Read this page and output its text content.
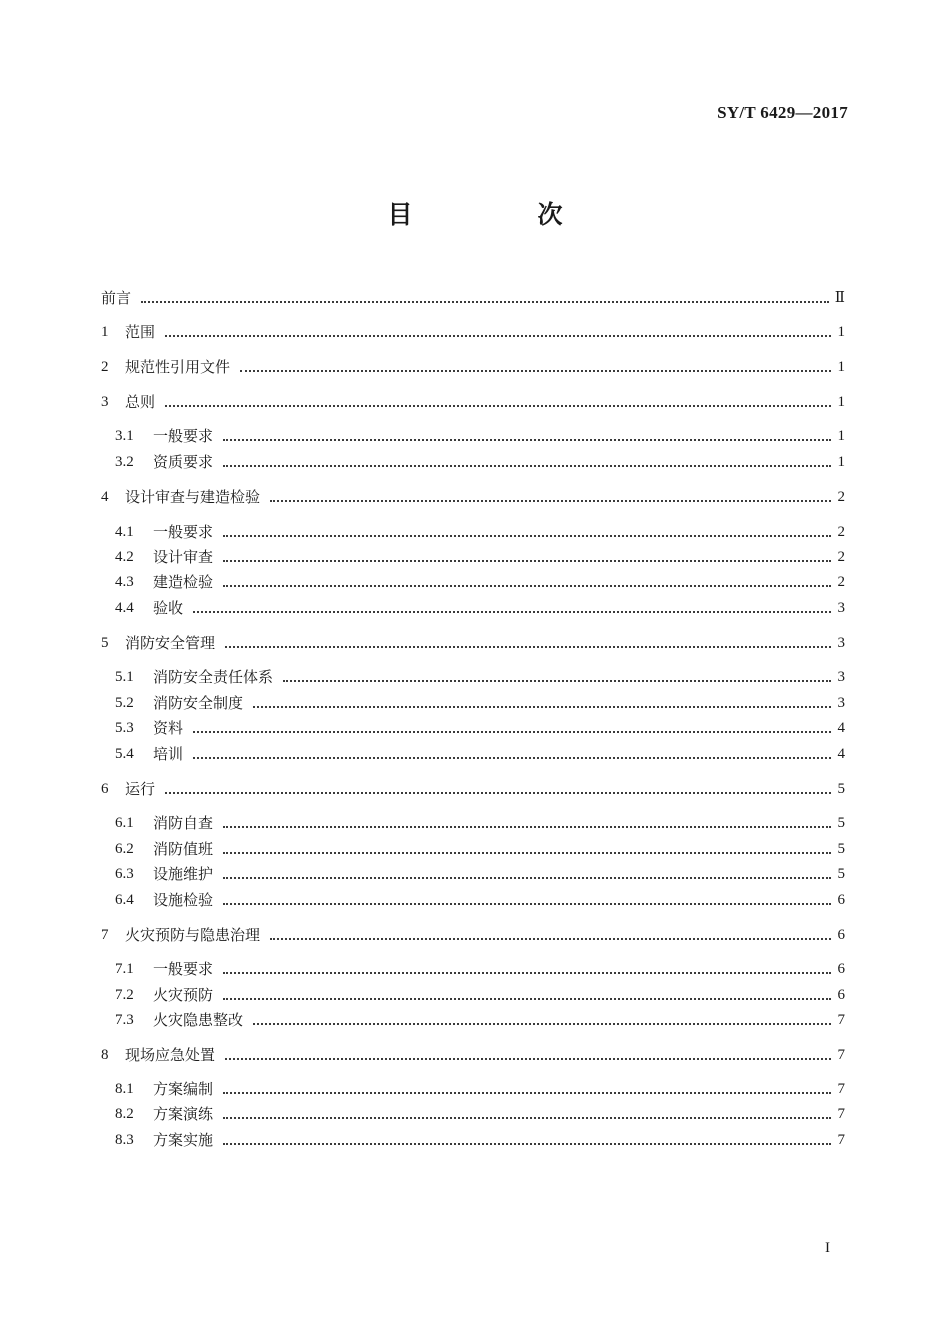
SY/T 6429—2017
目　次
前言	Ⅱ
1	范围	1
2	规范性引用文件	1
3	总则	1
3.1	一般要求	1
3.2	资质要求	1
4	设计审查与建造检验	2
4.1	一般要求	2
4.2	设计审查	2
4.3	建造检验	2
4.4	验收	3
5	消防安全管理	3
5.1	消防安全责任体系	3
5.2	消防安全制度	3
5.3	资料	4
5.4	培训	4
6	运行	5
6.1	消防自查	5
6.2	消防值班	5
6.3	设施维护	5
6.4	设施检验	6
7	火灾预防与隐患治理	6
7.1	一般要求	6
7.2	火灾预防	6
7.3	火灾隐患整改	7
8	现场应急处置	7
8.1	方案编制	7
8.2	方案演练	7
8.3	方案实施	7
I
